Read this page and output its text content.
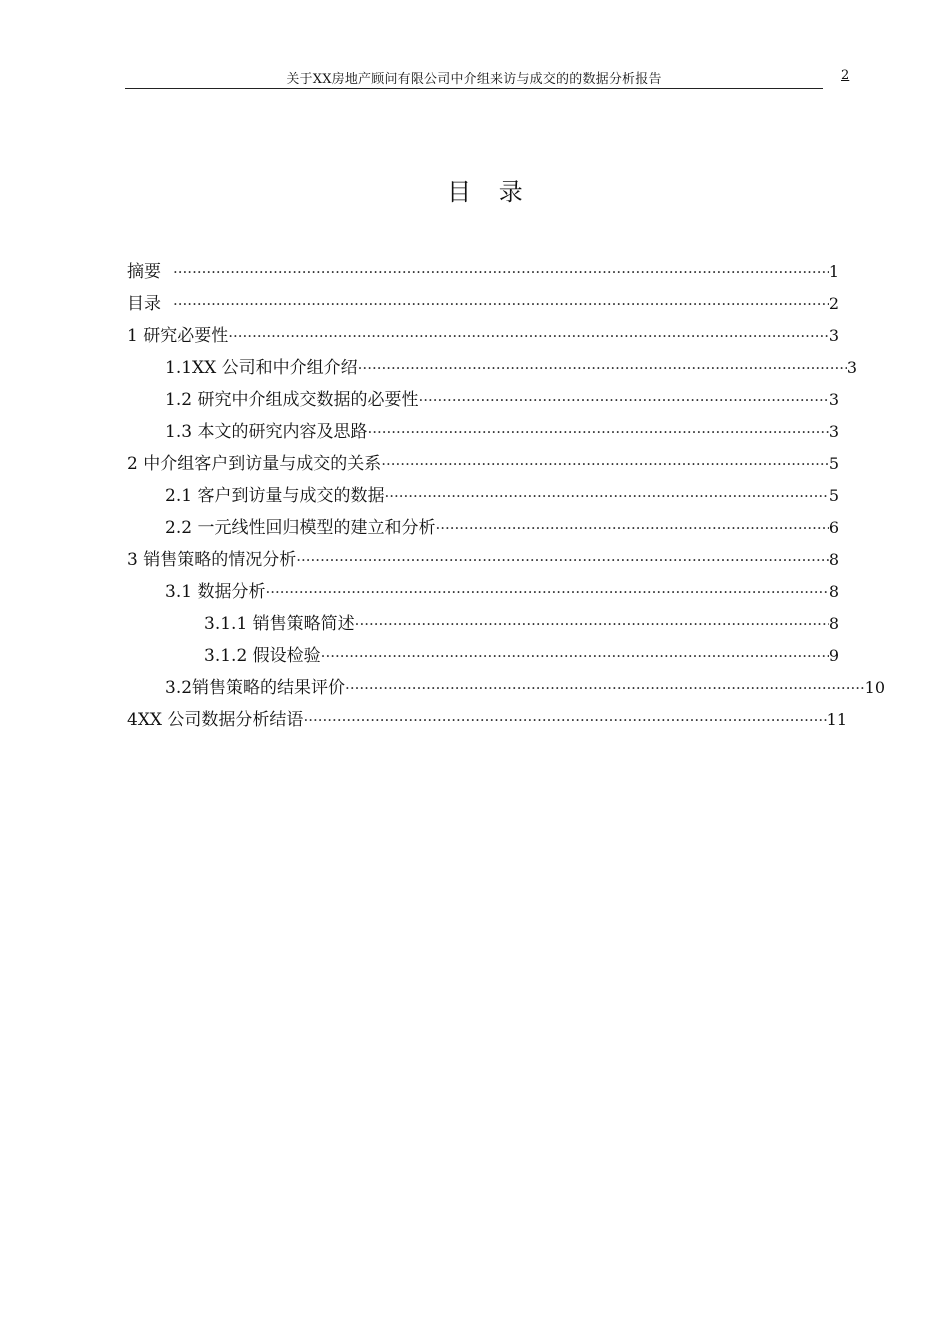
关于XX房地产顾问有限公司中介组来访与成交的的数据分析报告	2
目 录
摘要 ·····	1
目录 ·····	2
1 研究必要性 ·····	3
1.1XX 公司和中介组介绍 ·····	3
1.2 研究中介组成交数据的必要性 ·····	3
1.3 本文的研究内容及思路 ·····	3
2 中介组客户到访量与成交的关系 ·····	5
2.1 客户到访量与成交的数据 ·····	5
2.2 一元线性回归模型的建立和分析 ·····	6
3 销售策略的情况分析 ·····	8
3.1 数据分析 ·····	8
3.1.1 销售策略简述 ·····	8
3.1.2 假设检验 ·····	9
3.2销售策略的结果评价 ·····	10
4XX 公司数据分析结语 ·····	11
